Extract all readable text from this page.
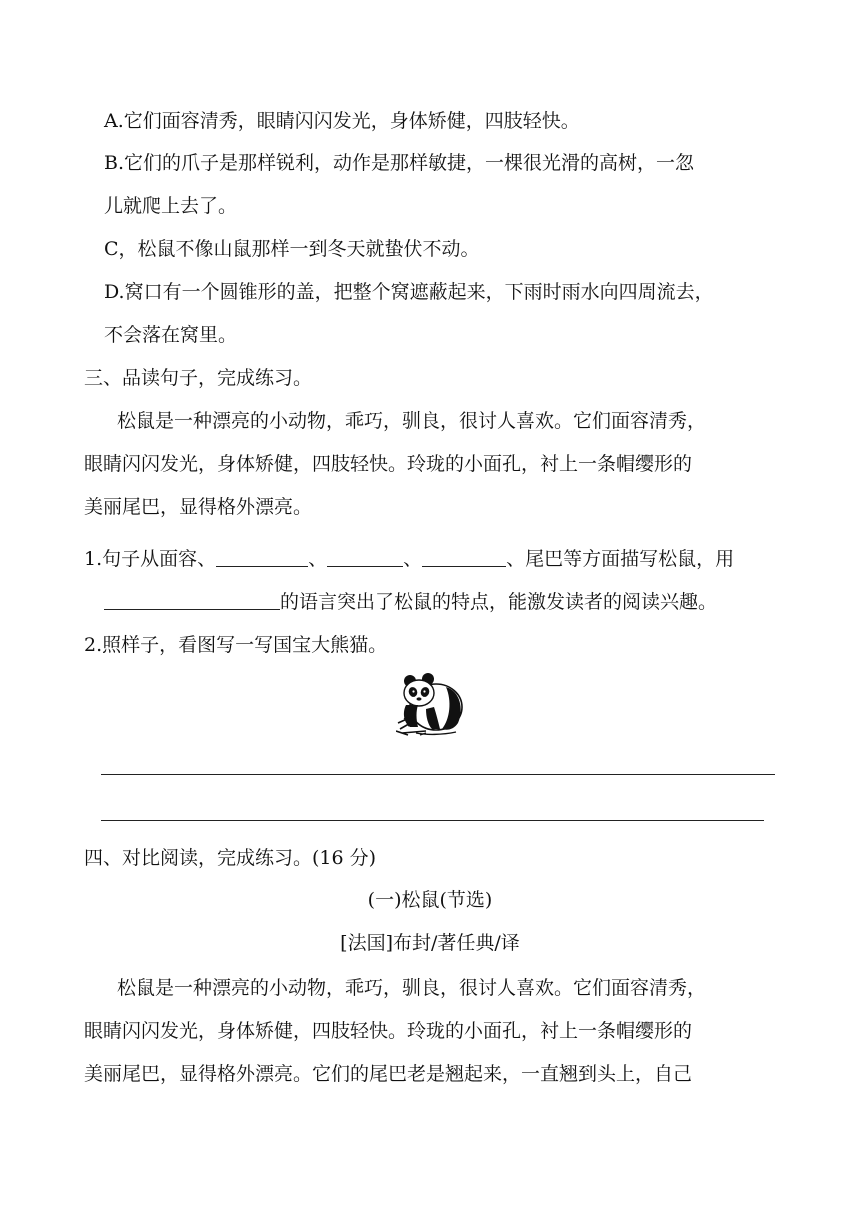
A.它们面容清秀，眼睛闪闪发光，身体矫健，四肢轻快。
B.它们的爪子是那样锐利，动作是那样敏捷，一棵很光滑的高树，一忽
儿就爬上去了。
C，松鼠不像山鼠那样一到冬天就蛰伏不动。
D.窝口有一个圆锥形的盖，把整个窝遮蔽起来，下雨时雨水向四周流去，
不会落在窝里。
三、品读句子，完成练习。
松鼠是一种漂亮的小动物，乖巧，驯良，很讨人喜欢。它们面容清秀，
眼睛闪闪发光，身体矫健，四肢轻快。玲珑的小面孔，衬上一条帽缨形的
美丽尾巴，显得格外漂亮。
1.句子从面容、	、	、	、尾巴等方面描写松鼠，用
的语言突出了松鼠的特点，能激发读者的阅读兴趣。
2.照样子，看图写一写国宝大熊猫。
四、对比阅读，完成练习。(16 分)
(一)松鼠(节选)
[法国]布封/著任典/译
松鼠是一种漂亮的小动物，乖巧，驯良，很讨人喜欢。它们面容清秀，
眼睛闪闪发光，身体矫健，四肢轻快。玲珑的小面孔，衬上一条帽缨形的
美丽尾巴，显得格外漂亮。它们的尾巴老是翘起来，一直翘到头上，自己
